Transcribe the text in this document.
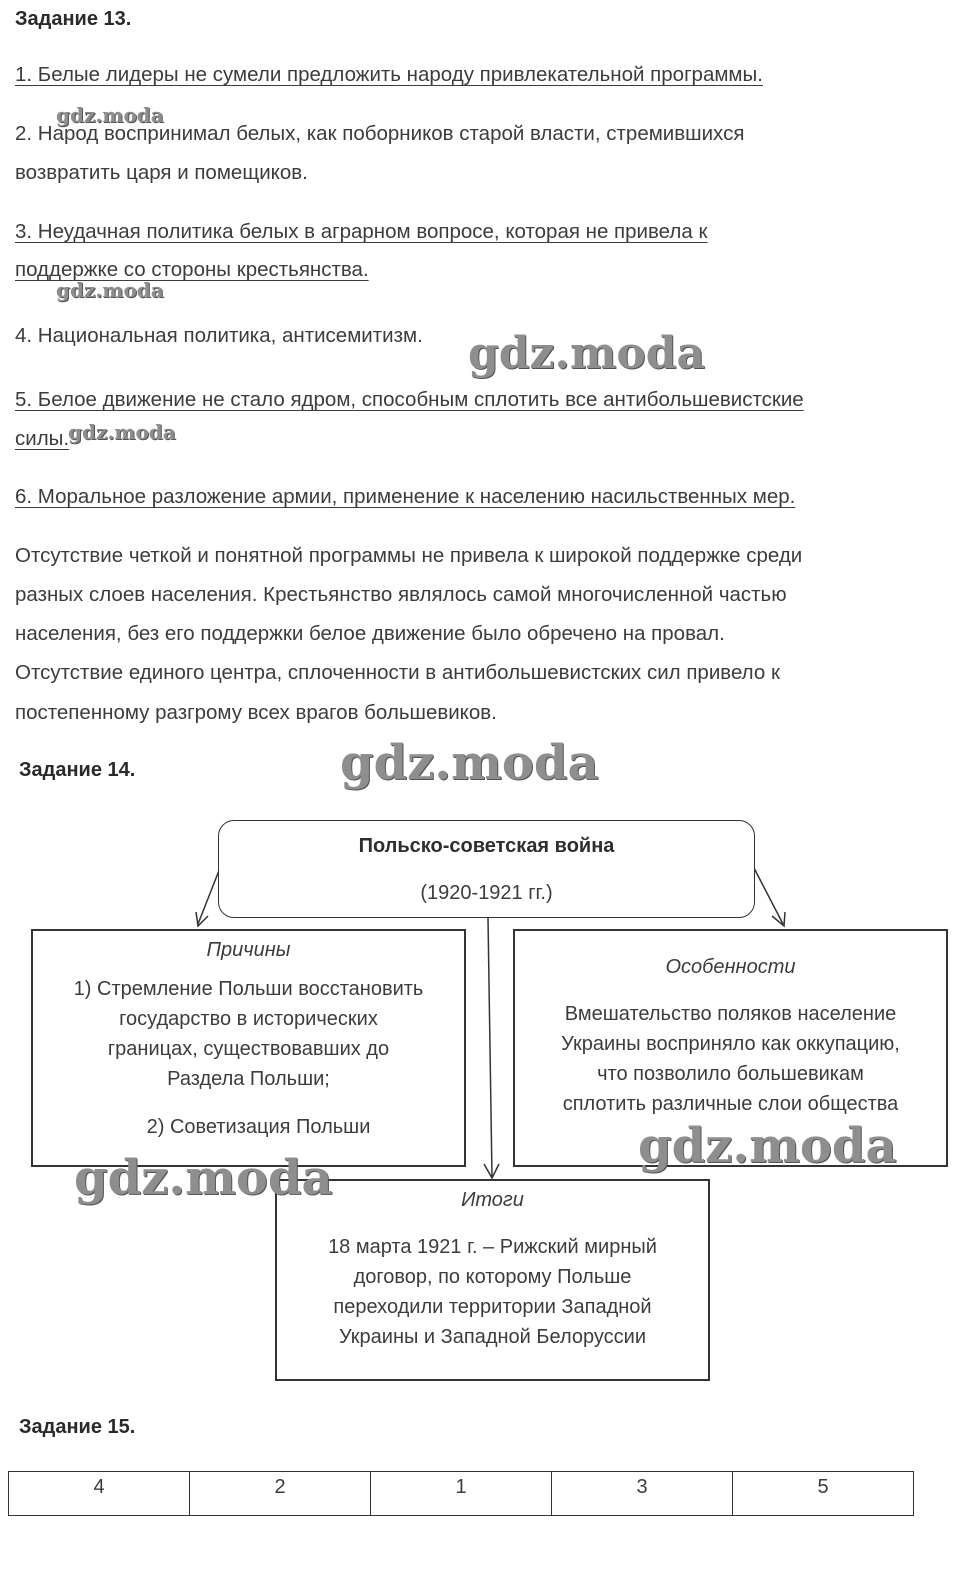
Задание 13.
1. Белые лидеры не сумели предложить народу привлекательной программы.
2. Народ воспринимал белых, как поборников старой власти, стремившихся
возвратить царя и помещиков.
3. Неудачная политика белых в аграрном вопросе, которая не привела к
поддержке со стороны крестьянства.
4. Национальная политика, антисемитизм.
5. Белое движение не стало ядром, способным сплотить все антибольшевистские
силы.
6. Моральное разложение армии, применение к населению насильственных мер.
Отсутствие четкой и понятной программы не привела к широкой поддержке среди
разных слоев населения. Крестьянство являлось самой многочисленной частью
населения, без его поддержки белое движение было обречено на провал.
Отсутствие единого центра, сплоченности в антибольшевистских сил привело к
постепенному разгрому всех врагов большевиков.
Задание 14.
Польско-советская война
(1920-1921 гг.)
Причины
1) Стремление Польши восстановить
государство в исторических
границах, существовавших до
Раздела Польши;
2) Советизация Польши
Особенности
Вмешательство поляков население
Украины восприняло как оккупацию,
что позволило большевикам
сплотить различные слои общества
Итоги
18 марта 1921 г. – Рижский мирный
договор, по которому Польше
переходили территории Западной
Украины и Западной Белоруссии
Задание 15.
4	2	1	3	5
gdz.moda
gdz.moda
gdz.moda
gdz.moda
gdz.moda
gdz.moda
gdz.moda
